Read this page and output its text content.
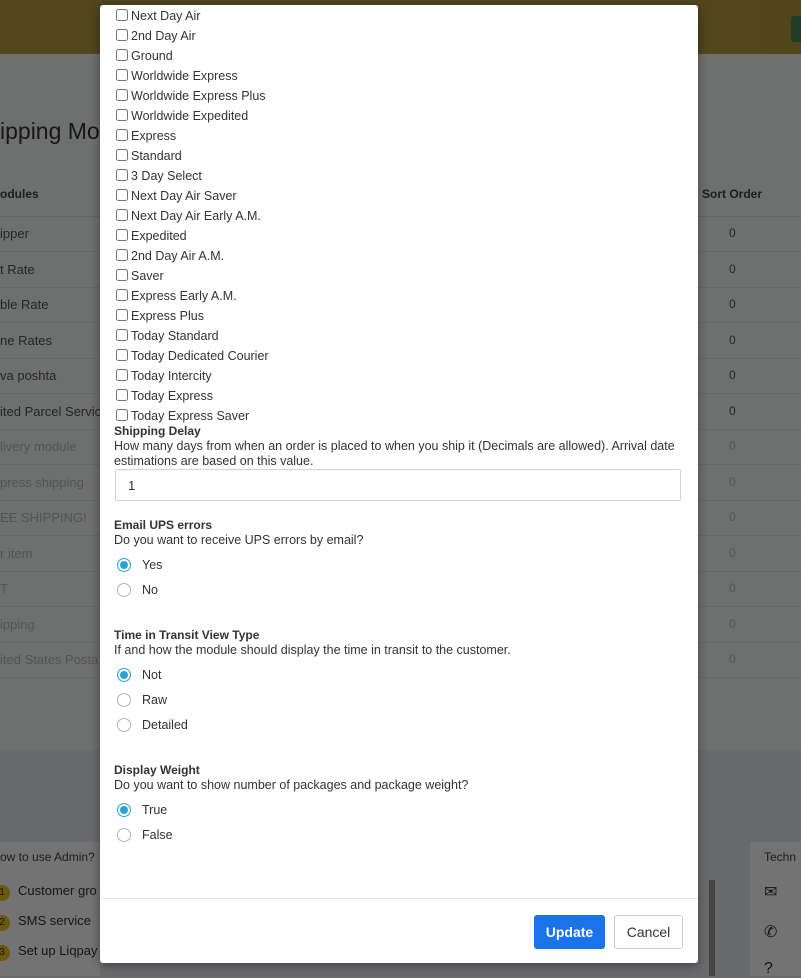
Next Day Air
2nd Day Air
Ground
Worldwide Express
Worldwide Express Plus
Worldwide Expedited
Express
Standard
3 Day Select
Next Day Air Saver
Next Day Air Early A.M.
Expedited
2nd Day Air A.M.
Saver
Express Early A.M.
Express Plus
Today Standard
Today Dedicated Courier
Today Intercity
Today Express
Today Express Saver
Shipping Delay
How many days from when an order is placed to when you ship it (Decimals are allowed). Arrival date estimations are based on this value.
1
Email UPS errors
Do you want to receive UPS errors by email?
Yes
No
Time in Transit View Type
If and how the module should display the time in transit to the customer.
Not
Raw
Detailed
Display Weight
Do you want to show number of packages and package weight?
True
False
Update	Cancel
